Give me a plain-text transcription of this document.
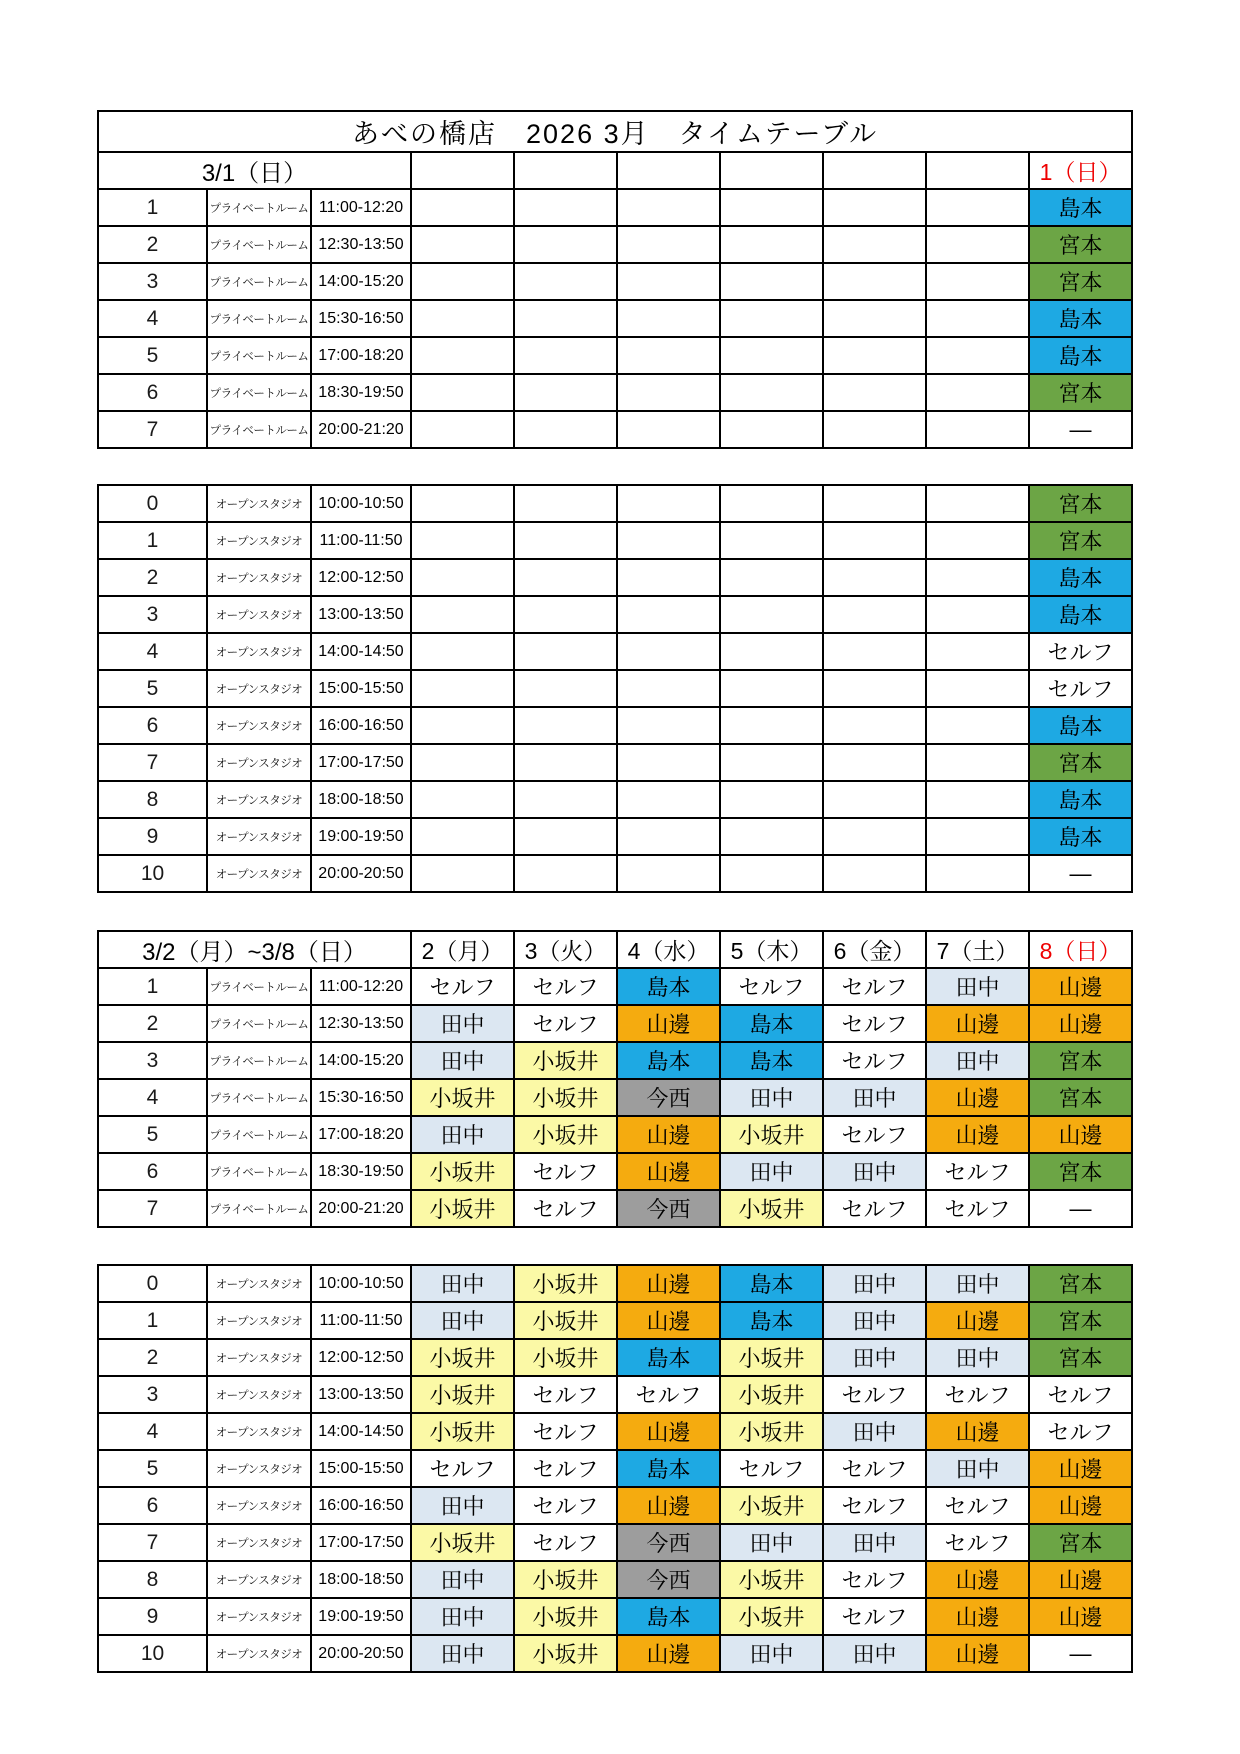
あべの橋店　2026 3月　タイムテーブル									
3/1（日）									1（日）
1	プライベートルーム	11:00-12:20							島本
2	プライベートルーム	12:30-13:50							宮本
3	プライベートルーム	14:00-15:20							宮本
4	プライベートルーム	15:30-16:50							島本
5	プライベートルーム	17:00-18:20							島本
6	プライベートルーム	18:30-19:50							宮本
7	プライベートルーム	20:00-21:20							―
0	オープンスタジオ	10:00-10:50							宮本
1	オープンスタジオ	11:00-11:50							宮本
2	オープンスタジオ	12:00-12:50							島本
3	オープンスタジオ	13:00-13:50							島本
4	オープンスタジオ	14:00-14:50							セルフ
5	オープンスタジオ	15:00-15:50							セルフ
6	オープンスタジオ	16:00-16:50							島本
7	オープンスタジオ	17:00-17:50							宮本
8	オープンスタジオ	18:00-18:50							島本
9	オープンスタジオ	19:00-19:50							島本
10	オープンスタジオ	20:00-20:50							―
3/2（月）~3/8（日）			2（月）	3（火）	4（水）	5（木）	6（金）	7（土）	8（日）
1	プライベートルーム	11:00-12:20	セルフ	セルフ	島本	セルフ	セルフ	田中	山邊
2	プライベートルーム	12:30-13:50	田中	セルフ	山邊	島本	セルフ	山邊	山邊
3	プライベートルーム	14:00-15:20	田中	小坂井	島本	島本	セルフ	田中	宮本
4	プライベートルーム	15:30-16:50	小坂井	小坂井	今西	田中	田中	山邊	宮本
5	プライベートルーム	17:00-18:20	田中	小坂井	山邊	小坂井	セルフ	山邊	山邊
6	プライベートルーム	18:30-19:50	小坂井	セルフ	山邊	田中	田中	セルフ	宮本
7	プライベートルーム	20:00-21:20	小坂井	セルフ	今西	小坂井	セルフ	セルフ	―
0	オープンスタジオ	10:00-10:50	田中	小坂井	山邊	島本	田中	田中	宮本
1	オープンスタジオ	11:00-11:50	田中	小坂井	山邊	島本	田中	山邊	宮本
2	オープンスタジオ	12:00-12:50	小坂井	小坂井	島本	小坂井	田中	田中	宮本
3	オープンスタジオ	13:00-13:50	小坂井	セルフ	セルフ	小坂井	セルフ	セルフ	セルフ
4	オープンスタジオ	14:00-14:50	小坂井	セルフ	山邊	小坂井	田中	山邊	セルフ
5	オープンスタジオ	15:00-15:50	セルフ	セルフ	島本	セルフ	セルフ	田中	山邊
6	オープンスタジオ	16:00-16:50	田中	セルフ	山邊	小坂井	セルフ	セルフ	山邊
7	オープンスタジオ	17:00-17:50	小坂井	セルフ	今西	田中	田中	セルフ	宮本
8	オープンスタジオ	18:00-18:50	田中	小坂井	今西	小坂井	セルフ	山邊	山邊
9	オープンスタジオ	19:00-19:50	田中	小坂井	島本	小坂井	セルフ	山邊	山邊
10	オープンスタジオ	20:00-20:50	田中	小坂井	山邊	田中	田中	山邊	―
